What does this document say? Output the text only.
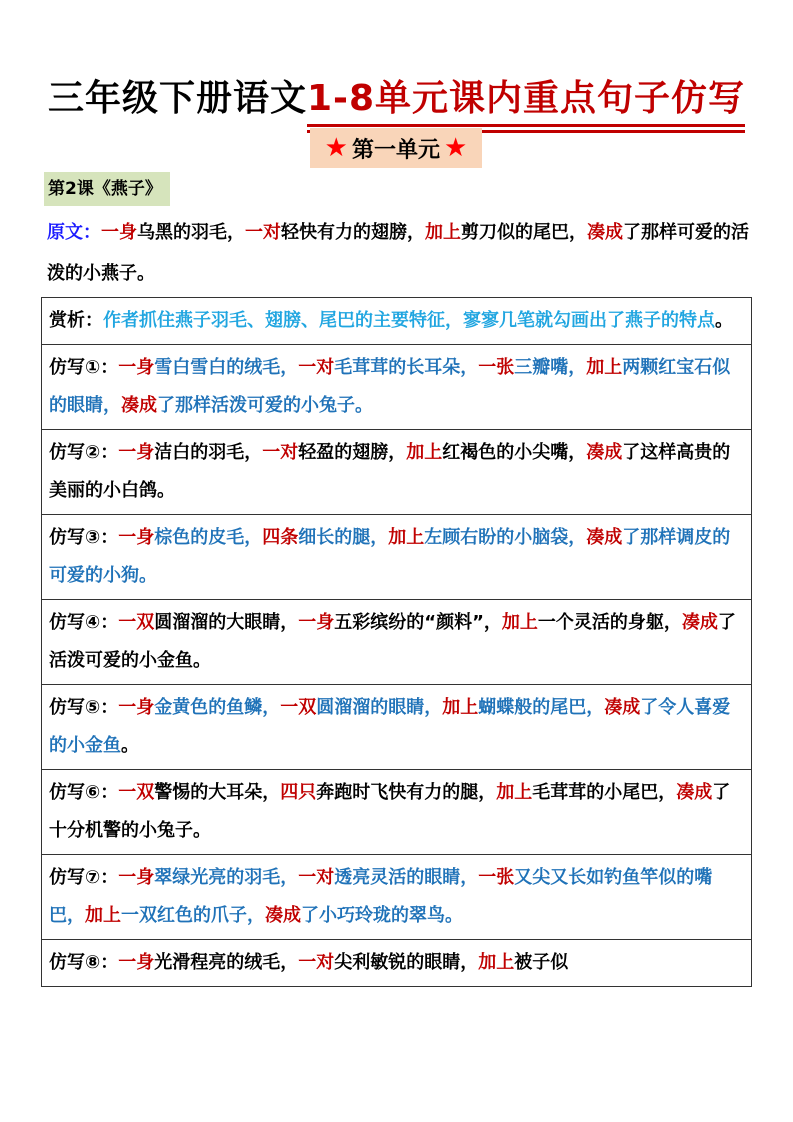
三年级下册语文1-8单元课内重点句子仿写
★ 第一单元 ★
第2课《燕子》
原文：一身乌黑的羽毛，一对轻快有力的翅膀，加上剪刀似的尾巴，凑成了那样可爱的活泼的小燕子。
赏析：作者抓住燕子羽毛、翅膀、尾巴的主要特征，寥寥几笔就勾画出了燕子的特点。
仿写①：一身雪白雪白的绒毛，一对毛茸茸的长耳朵，一张三瓣嘴，加上两颗红宝石似的眼睛，凑成了那样活泼可爱的小兔子。
仿写②：一身洁白的羽毛，一对轻盈的翅膀，加上红褐色的小尖嘴，凑成了这样高贵的美丽的小白鸽。
仿写③：一身棕色的皮毛，四条细长的腿，加上左顾右盼的小脑袋，凑成了那样调皮的可爱的小狗。
仿写④：一双圆溜溜的大眼睛，一身五彩缤纷的“颜料”，加上一个灵活的身躯，凑成了活泼可爱的小金鱼。
仿写⑤：一身金黄色的鱼鳞，一双圆溜溜的眼睛，加上蝴蝶般的尾巴，凑成了令人喜爱的小金鱼。
仿写⑥：一双警惕的大耳朵，四只奔跑时飞快有力的腿，加上毛茸茸的小尾巴，凑成了十分机警的小兔子。
仿写⑦：一身翠绿光亮的羽毛，一对透亮灵活的眼睛，一张又尖又长如钓鱼竿似的嘴巴，加上一双红色的爪子，凑成了小巧玲珑的翠鸟。
仿写⑧：一身光滑程亮的绒毛，一对尖利敏锐的眼睛，加上被子似
